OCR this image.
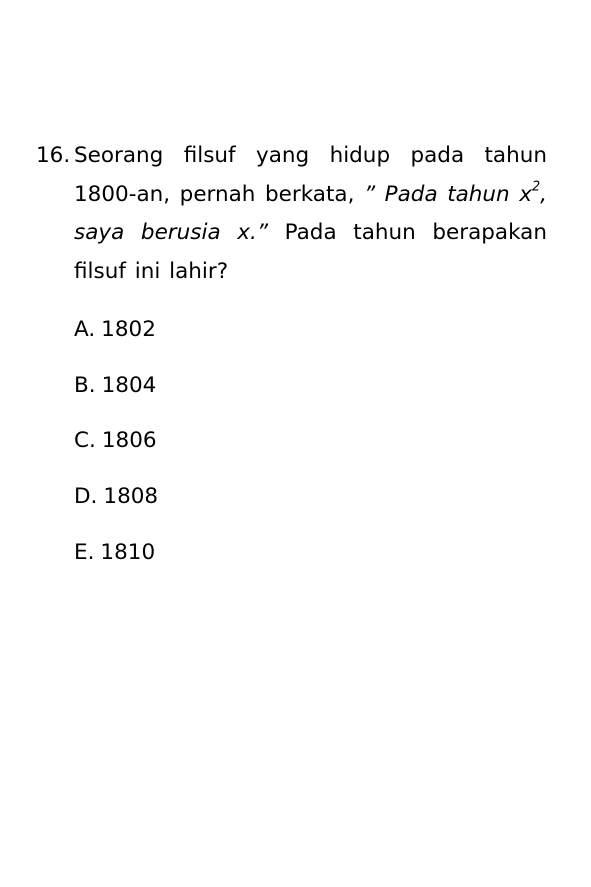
16. Seorang filsuf yang hidup pada tahun 1800-an, pernah berkata, ” Pada tahun $x^2$, saya berusia x.” Pada tahun berapakan filsuf ini lahir?
A. 1802
B. 1804
C. 1806
D. 1808
E. 1810
